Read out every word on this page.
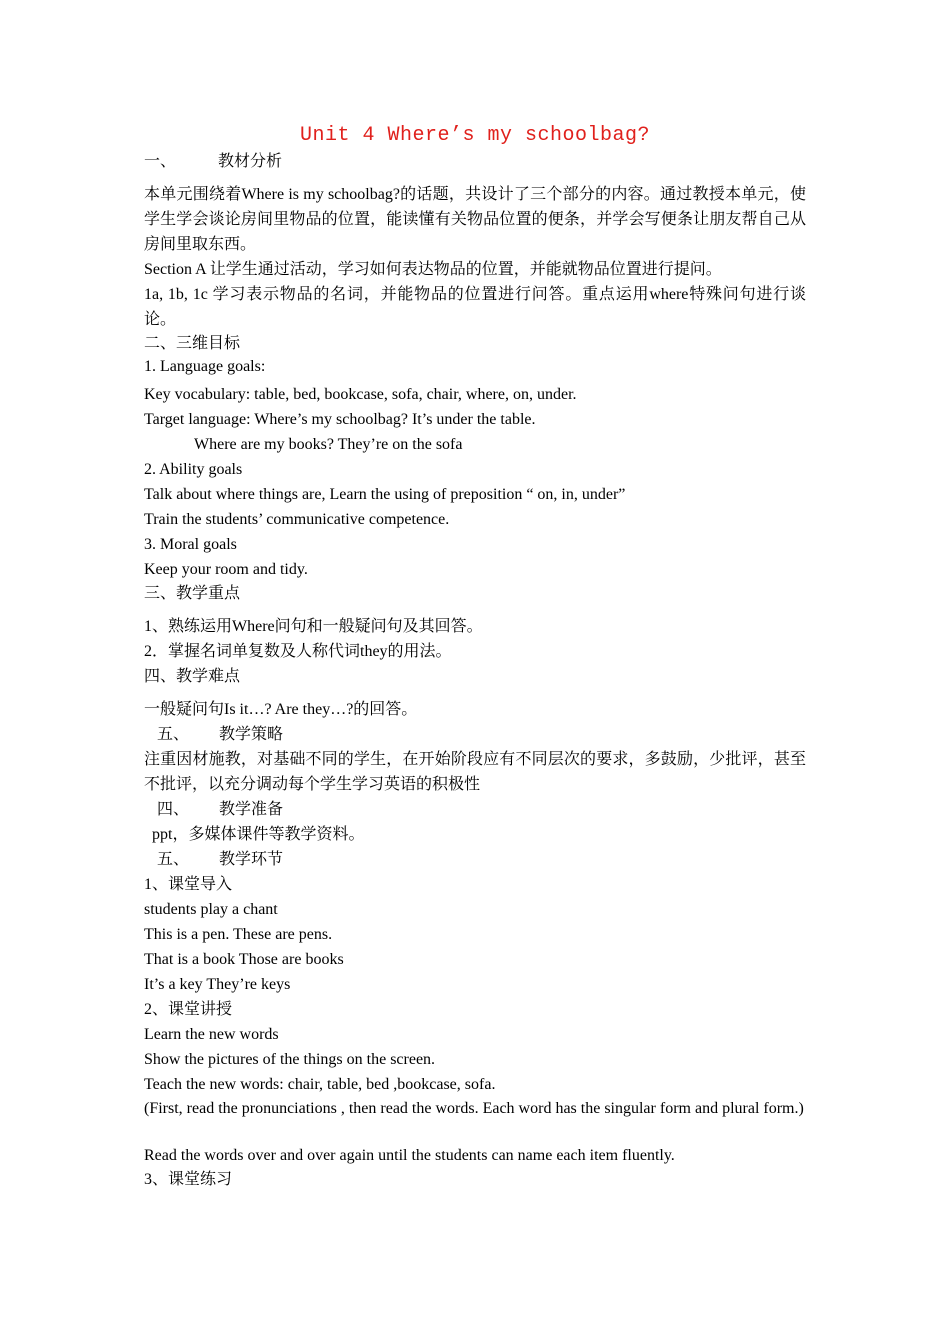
Unit 4 Where’s my schoolbag?
一、	教材分析
本单元围绕着Where is my schoolbag?的话题，共设计了三个部分的内容。通过教授本单元，使学生学会谈论房间里物品的位置，能读懂有关物品位置的便条，并学会写便条让朋友帮自己从房间里取东西。
Section A 让学生通过活动，学习如何表达物品的位置，并能就物品位置进行提问。
1a, 1b, 1c 学习表示物品的名词，并能物品的位置进行问答。重点运用where特殊问句进行谈论。
二、三维目标
1. Language goals:
Key vocabulary: table, bed, bookcase, sofa, chair, where, on, under.
Target language: Where’s my schoolbag? It’s under the table.
Where are my books? They’re on the sofa
2. Ability goals
Talk about where things are, Learn the using of preposition “ on, in, under”
Train the students’ communicative competence.
3. Moral goals
Keep your room and tidy.
三、教学重点
1、熟练运用Where问句和一般疑问句及其回答。
2．掌握名词单复数及人称代词they的用法。
四、教学难点
一般疑问句Is it…? Are they…?的回答。
五、 教学策略
注重因材施教，对基础不同的学生，在开始阶段应有不同层次的要求，多鼓励，少批评，甚至不批评，以充分调动每个学生学习英语的积极性
四、 教学准备
ppt，多媒体课件等教学资料。
五、 教学环节
1、课堂导入
students play a chant
This is a pen. These are pens.
That is a book Those are books
It’s a key They’re keys
2、课堂讲授
Learn the new words
Show the pictures of the things on the screen.
Teach the new words: chair, table, bed ,bookcase, sofa.
(First, read the pronunciations , then read the words. Each word has the singular form and plural form.)
Read the words over and over again until the students can name each item fluently.
3、课堂练习
